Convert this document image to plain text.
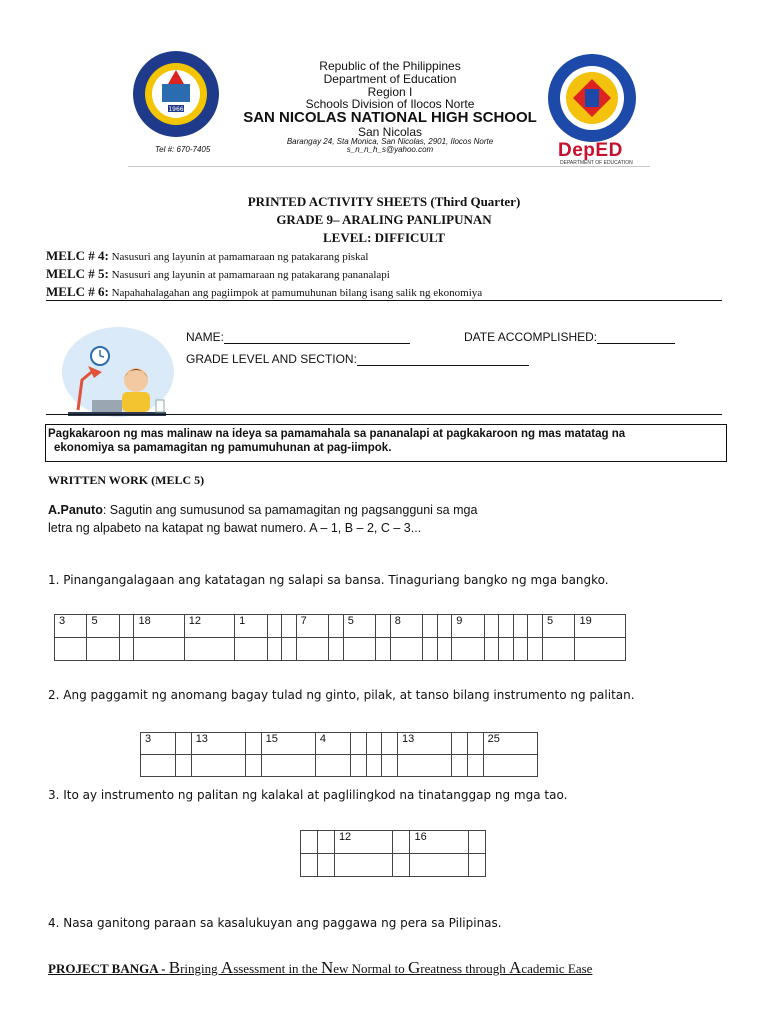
1966
Republic of the Philippines
Department of Education
Region I
Schools Division of Ilocos Norte
SAN NICOLAS NATIONAL HIGH SCHOOL
San Nicolas
Barangay 24, Sta Monica, San Nicolas, 2901, Ilocos Norte
s_n_n_h_s@yahoo.com
Tel #: 670-7405	DepED
DEPARTMENT OF EDUCATION
PRINTED ACTIVITY SHEETS (Third Quarter)
GRADE 9– ARALING PANLIPUNAN
LEVEL: DIFFICULT
MELC # 4: Nasusuri ang layunin at pamamaraan ng patakarang piskal
MELC # 5: Nasusuri ang layunin at pamamaraan ng patakarang pananalapi
MELC # 6: Napahahalagahan ang pagiimpok at pamumuhunan bilang isang salik ng ekonomiya
NAME:	DATE ACCOMPLISHED:
GRADE LEVEL AND SECTION:
Pagkakaroon ng mas malinaw na ideya sa pamamahala sa pananalapi at pagkakaroon ng mas matatag na
ekonomiya sa pamamagitan ng pamumuhunan at pag-iimpok.
WRITTEN WORK (MELC 5)
A.Panuto: Sagutin ang sumusunod sa pamamagitan ng pagsangguni sa mga
letra ng alpabeto na katapat ng bawat numero. A – 1, B – 2, C – 3...
1. Pinangangalagaan ang katatagan ng salapi sa bansa. Tinaguriang bangko ng mga bangko.
3	5		18	12	1			7		5		8			9					5	19

2. Ang paggamit ng anomang bagay tulad ng ginto, pilak, at tanso bilang instrumento ng palitan.
3		13		15	4				13			25

3. Ito ay instrumento ng palitan ng kalakal at paglilingkod na tinatanggap ng mga tao.
		12		16	

4. Nasa ganitong paraan sa kasalukuyan ang paggawa ng pera sa Pilipinas.
PROJECT BANGA - Bringing Assessment in the New Normal to Greatness through Academic Ease
